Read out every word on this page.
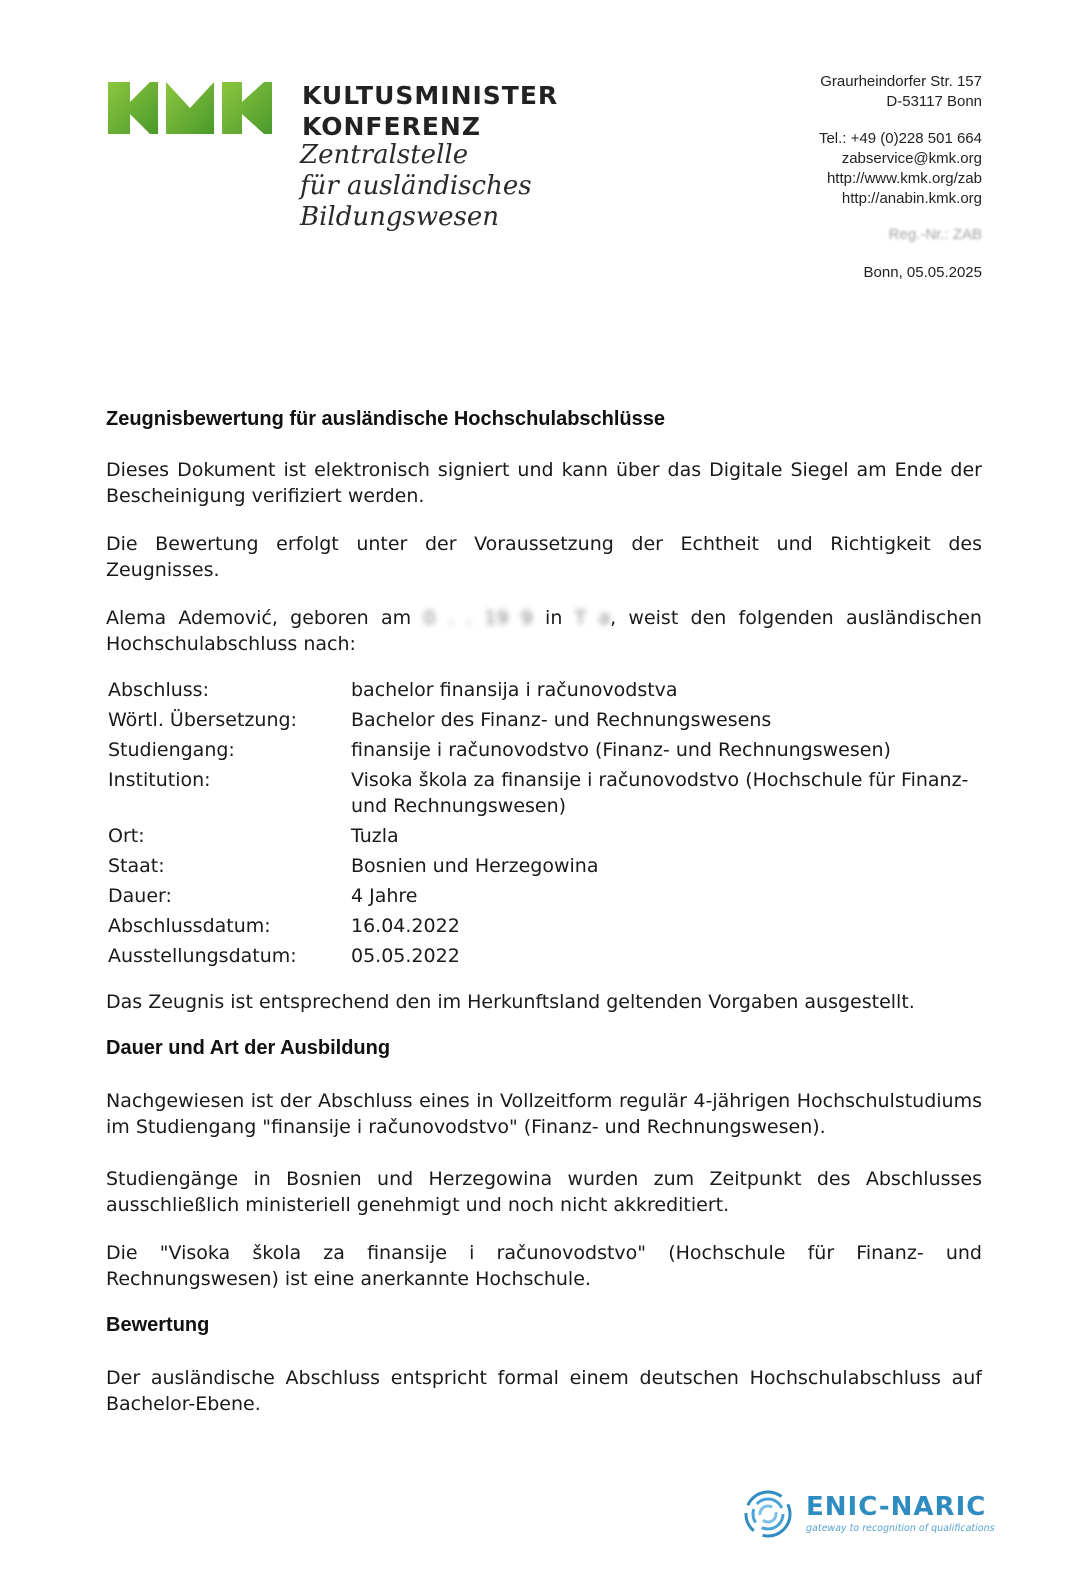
KULTUSMINISTER
KONFERENZ
Zentralstelle
für ausländisches
Bildungswesen
Graurheindorfer Str. 157
D-53117 Bonn
Tel.: +49 (0)228 501 664
zabservice@kmk.org
http://www.kmk.org/zab
http://anabin.kmk.org
Reg.-Nr.: ZAB
Bonn, 05.05.2025
Zeugnisbewertung für ausländische Hochschulabschlüsse

Dieses Dokument ist elektronisch signiert und kann über das Digitale Siegel am Ende der Bescheinigung verifiziert werden.

Die Bewertung erfolgt unter der Voraussetzung der Echtheit und Richtigkeit des Zeugnisses.

Alema Ademović, geboren am 0 . . 19 9 in T a, weist den folgenden ausländischen Hochschulabschluss nach:

Abschluss:	bachelor finansija i računovodstva
Wörtl. Übersetzung:	Bachelor des Finanz- und Rechnungswesens
Studiengang:	finansije i računovodstvo (Finanz- und Rechnungswesen)
Institution:	Visoka škola za finansije i računovodstvo (Hochschule für Finanz- und Rechnungswesen)
Ort:	Tuzla
Staat:	Bosnien und Herzegowina
Dauer:	4 Jahre
Abschlussdatum:	16.04.2022
Ausstellungsdatum:	05.05.2022

Das Zeugnis ist entsprechend den im Herkunftsland geltenden Vorgaben ausgestellt.

Dauer und Art der Ausbildung

Nachgewiesen ist der Abschluss eines in Vollzeitform regulär 4-jährigen Hochschulstudiums im Studiengang "finansije i računovodstvo" (Finanz- und Rechnungswesen).

Studiengänge in Bosnien und Herzegowina wurden zum Zeitpunkt des Abschlusses ausschließlich ministeriell genehmigt und noch nicht akkreditiert.

Die "Visoka škola za finansije i računovodstvo" (Hochschule für Finanz- und Rechnungswesen) ist eine anerkannte Hochschule.

Bewertung

Der ausländische Abschluss entspricht formal einem deutschen Hochschulabschluss auf Bachelor-Ebene.

ENIC-NARIC
gateway to recognition of qualifications
